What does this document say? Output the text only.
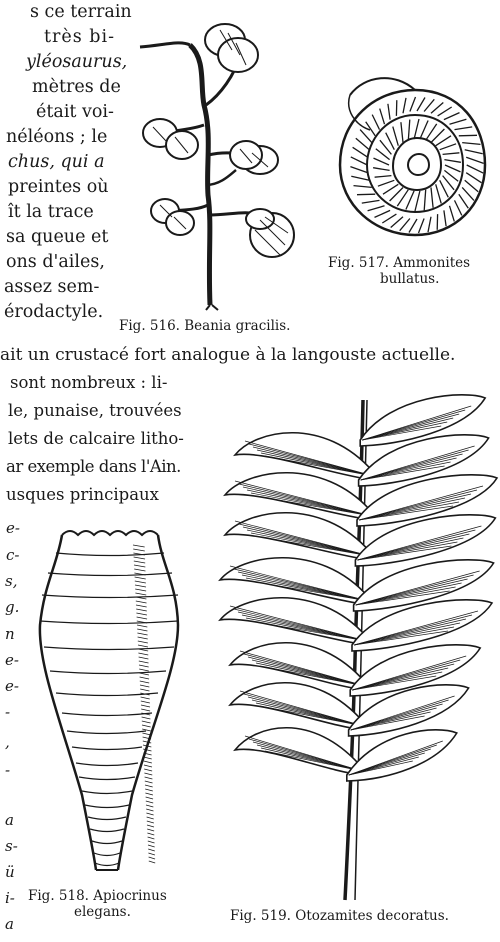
s ce terrain
très bi-
yléosaurus,
mètres de
était voi-
néléons ; le
chus, qui a
preintes où
ît la trace
sa queue et
ons d'ailes,
assez sem-
érodactyle.
ait un crustacé fort analogue à la langouste actuelle.
sont nombreux : li-
le, punaise, trouvées
lets de calcaire litho-
ar exemple dans l'Ain.
usques principaux
e-
c-
s,
g.
n
e-
e-
-
,
-
a
s-
ü
i-
a
Fig. 516. Beania gracilis.
Fig. 517. Ammonites
bullatus.
Fig. 518. Apiocrinus
elegans.	Fig. 519. Otozamites decoratus.
